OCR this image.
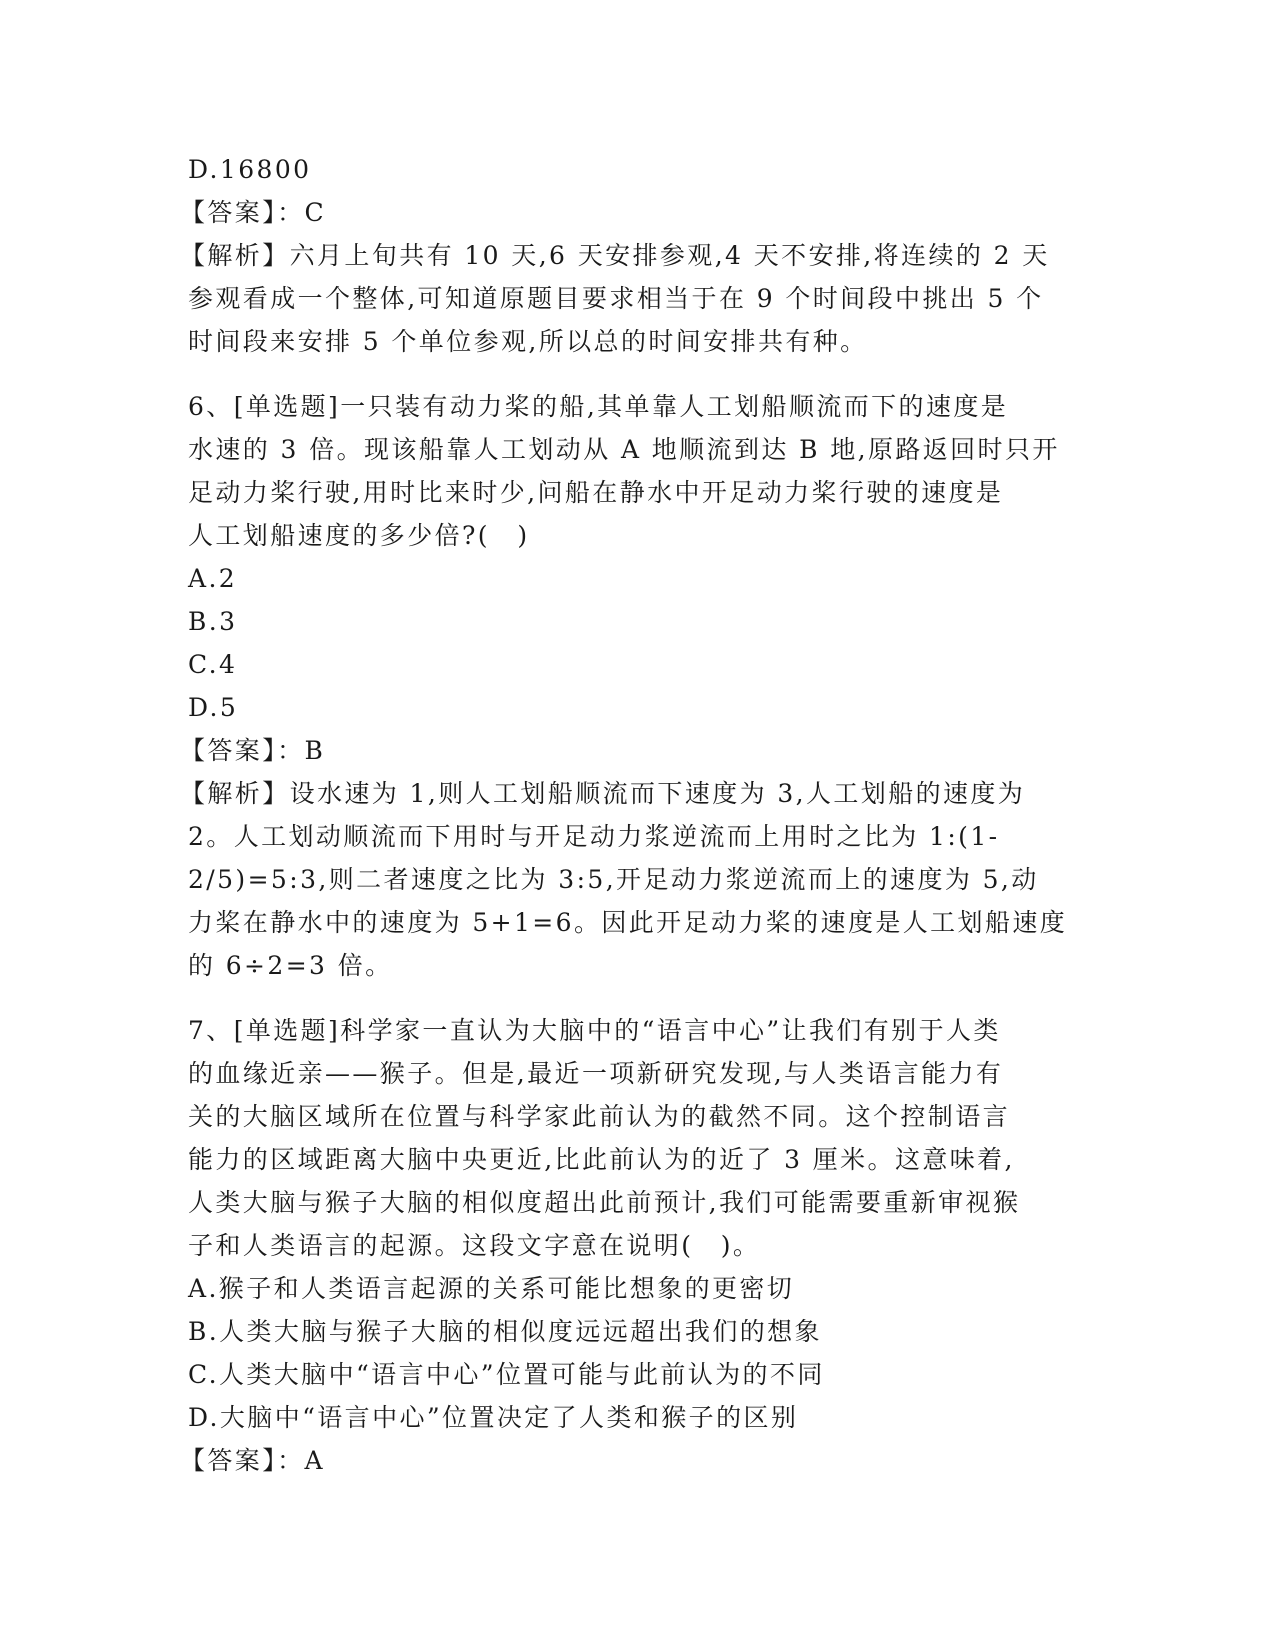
D.16800
【答案】：C
【解析】六月上旬共有 10 天,6 天安排参观,4 天不安排,将连续的 2 天
参观看成一个整体,可知道原题目要求相当于在 9 个时间段中挑出 5 个
时间段来安排 5 个单位参观,所以总的时间安排共有种。
6、[单选题]一只装有动力桨的船,其单靠人工划船顺流而下的速度是
水速的 3 倍。现该船靠人工划动从 A 地顺流到达 B 地,原路返回时只开
足动力桨行驶,用时比来时少,问船在静水中开足动力桨行驶的速度是
人工划船速度的多少倍?(　)
A.2
B.3
C.4
D.5
【答案】：B
【解析】设水速为 1,则人工划船顺流而下速度为 3,人工划船的速度为
2。人工划动顺流而下用时与开足动力浆逆流而上用时之比为 1:(1-
2/5)=5:3,则二者速度之比为 3:5,开足动力浆逆流而上的速度为 5,动
力桨在静水中的速度为 5+1=6。因此开足动力桨的速度是人工划船速度
的 6÷2=3 倍。
7、[单选题]科学家一直认为大脑中的“语言中心”让我们有别于人类
的血缘近亲——猴子。但是,最近一项新研究发现,与人类语言能力有
关的大脑区域所在位置与科学家此前认为的截然不同。这个控制语言
能力的区域距离大脑中央更近,比此前认为的近了 3 厘米。这意味着,
人类大脑与猴子大脑的相似度超出此前预计,我们可能需要重新审视猴
子和人类语言的起源。这段文字意在说明(　)。
A.猴子和人类语言起源的关系可能比想象的更密切
B.人类大脑与猴子大脑的相似度远远超出我们的想象
C.人类大脑中“语言中心”位置可能与此前认为的不同
D.大脑中“语言中心”位置决定了人类和猴子的区别
【答案】：A
